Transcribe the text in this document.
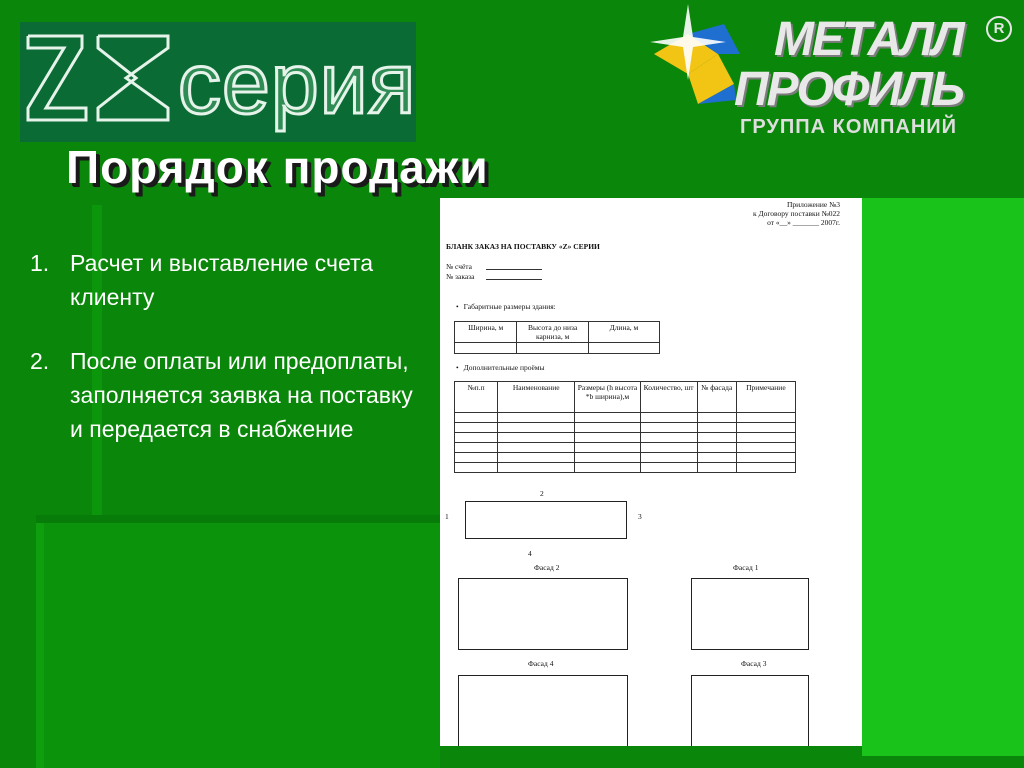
серия	МЕТАЛЛ
ПРОФИЛЬ
ГРУППА КОМПАНИЙ
R
Порядок продажи
1. Расчет и выставление счета клиенту
2. После оплаты или предоплаты, заполняется заявка на поставку и передается в снабжение
Приложение №3
к Договору поставки №022
от «__» _______ 2007г.
БЛАНК ЗАКАЗ НА ПОСТАВКУ «Z» СЕРИИ
№ счёта
№ заказа
• Габаритные размеры здания:
Ширина, м	Высота до низа карниза, м	Длина, м

• Дополнительные проёмы
№п.п	Наименование	Размеры (h высота *b ширина),м	Количество, шт	№ фасада	Примечание

2
1	3
4
Фасад 2	Фасад 1
Фасад 4	Фасад 3
